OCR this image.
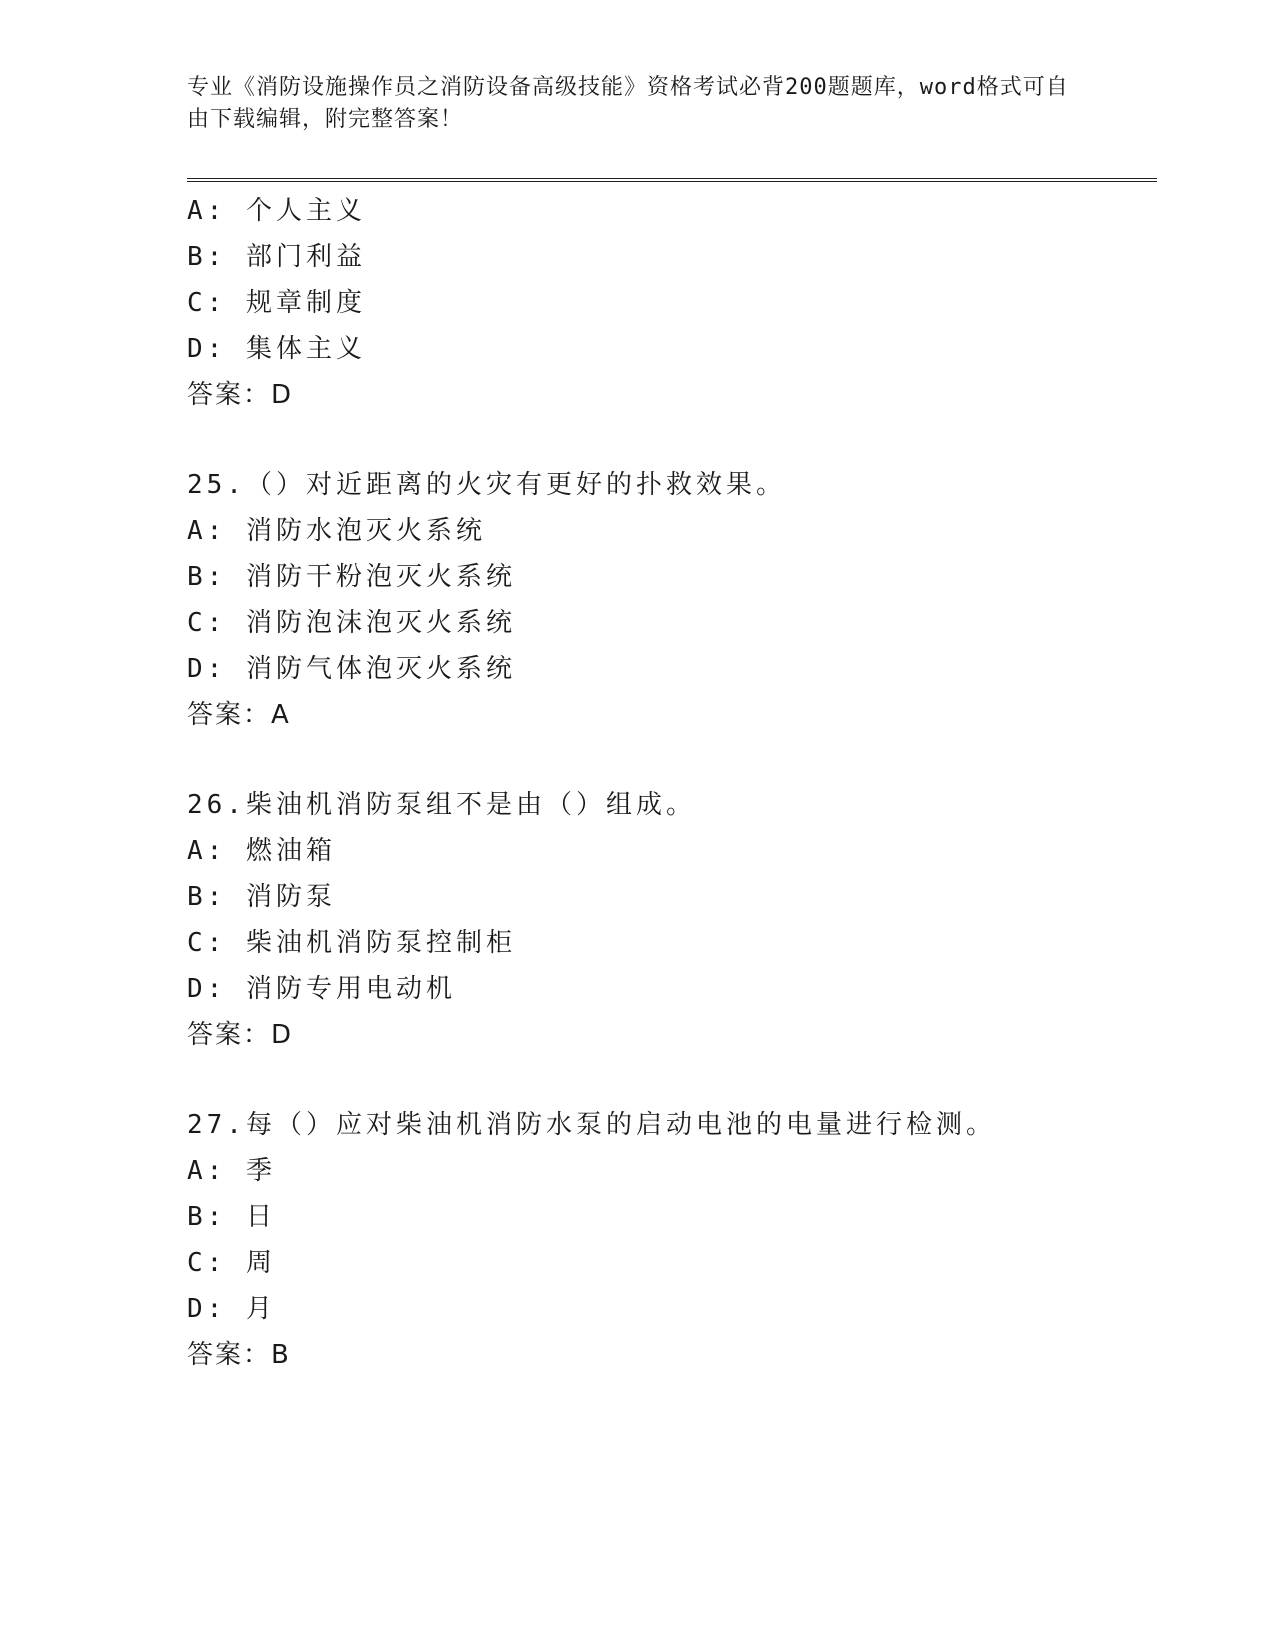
专业《消防设施操作员之消防设备高级技能》资格考试必背200题题库，word格式可自由下载编辑，附完整答案！
A: 个人主义
B: 部门利益
C: 规章制度
D: 集体主义
答案：D
25.（）对近距离的火灾有更好的扑救效果。
A: 消防水泡灭火系统
B: 消防干粉泡灭火系统
C: 消防泡沫泡灭火系统
D: 消防气体泡灭火系统
答案：A
26.柴油机消防泵组不是由（）组成。
A: 燃油箱
B: 消防泵
C: 柴油机消防泵控制柜
D: 消防专用电动机
答案：D
27.每（）应对柴油机消防水泵的启动电池的电量进行检测。
A: 季
B: 日
C: 周
D: 月
答案：B
